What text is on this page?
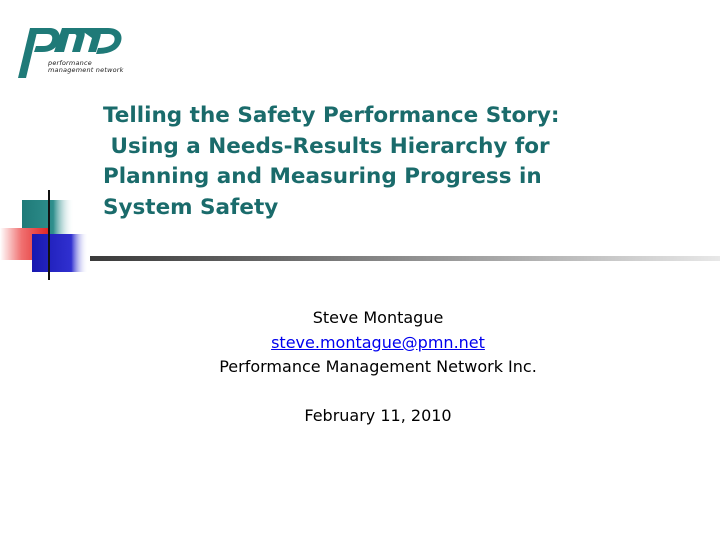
performance
management network
Telling the Safety Performance Story:
Using a Needs-Results Hierarchy for
Planning and Measuring Progress in
System Safety
Steve Montague
steve.montague@pmn.net
Performance Management Network Inc.
February 11, 2010
